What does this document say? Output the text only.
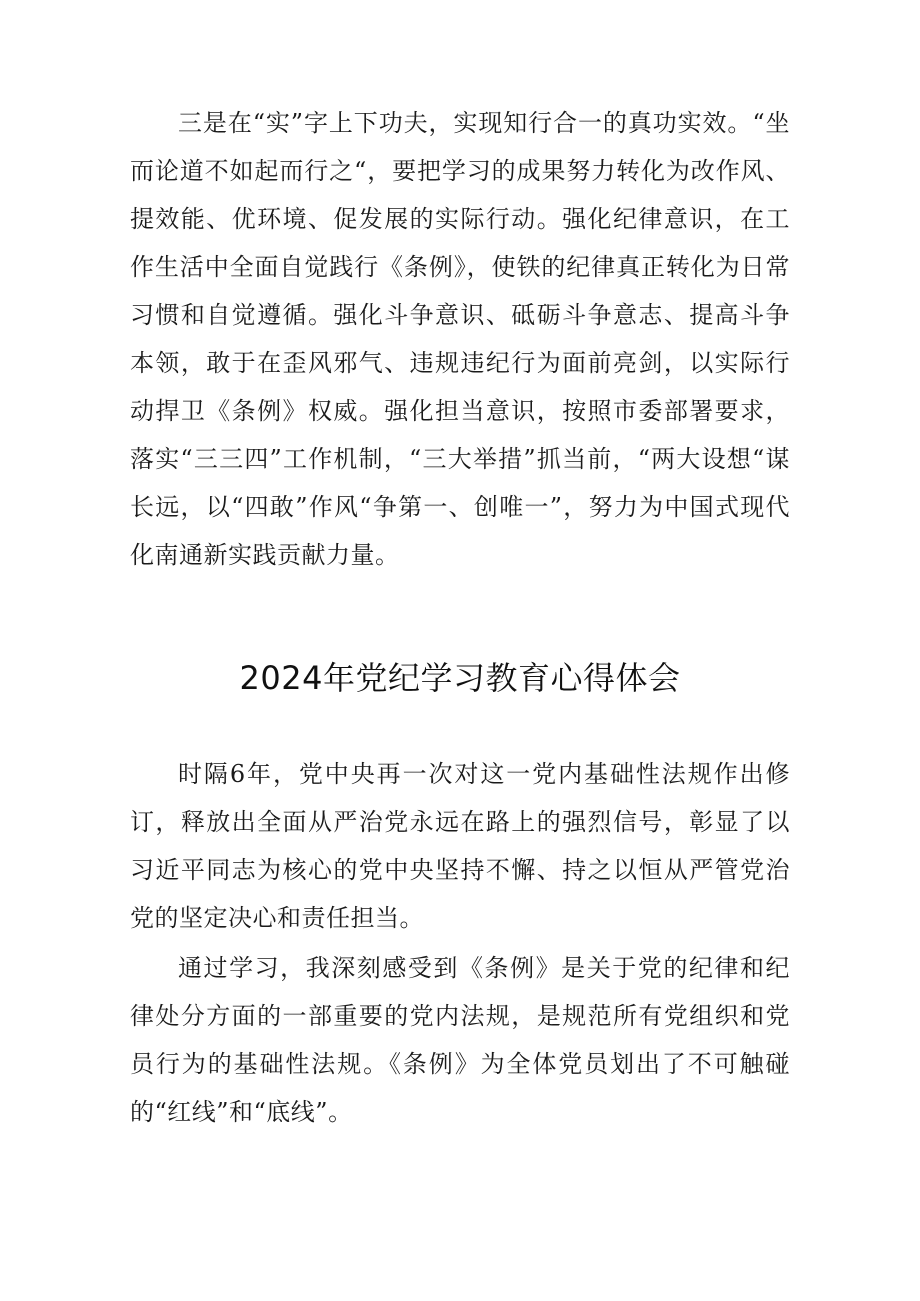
三是在“实”字上下功夫，实现知行合一的真功实效。“坐而论道不如起而行之“，要把学习的成果努力转化为改作风、提效能、优环境、促发展的实际行动。强化纪律意识，在工作生活中全面自觉践行《条例》，使铁的纪律真正转化为日常习惯和自觉遵循。强化斗争意识、砥砺斗争意志、提高斗争本领，敢于在歪风邪气、违规违纪行为面前亮剑，以实际行动捍卫《条例》权威。强化担当意识，按照市委部署要求，落实“三三四”工作机制，“三大举措”抓当前，“两大设想“谋长远，以“四敢”作风“争第一、创唯一”，努力为中国式现代化南通新实践贡献力量。

2024年党纪学习教育心得体会

时隔6年，党中央再一次对这一党内基础性法规作出修订，释放出全面从严治党永远在路上的强烈信号，彰显了以习近平同志为核心的党中央坚持不懈、持之以恒从严管党治党的坚定决心和责任担当。

通过学习，我深刻感受到《条例》是关于党的纪律和纪律处分方面的一部重要的党内法规，是规范所有党组织和党员行为的基础性法规。《条例》为全体党员划出了不可触碰的“红线”和“底线”。
